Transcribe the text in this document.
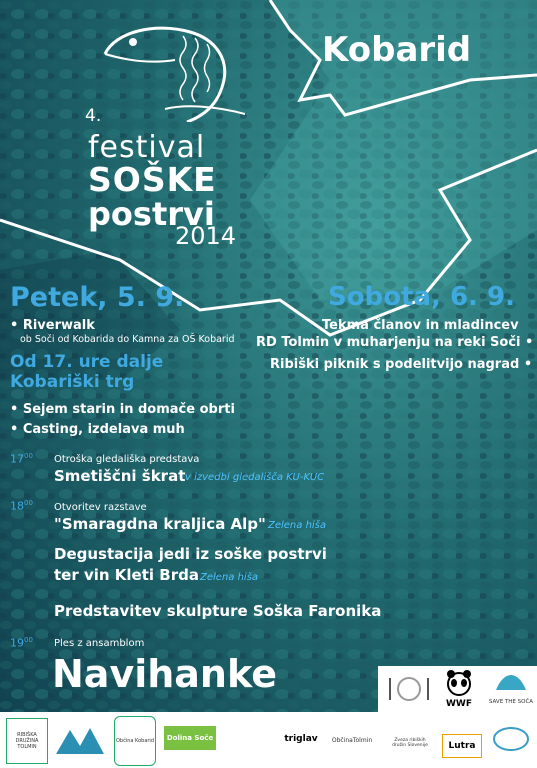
4.
festival
SOŠKE
postrvi
2014
Kobarid
Petek, 5. 9.
• Riverwalk
ob Soči od Kobarida do Kamna za OŠ Kobarid
Od 17. ure dalje
Kobariški trg
• Sejem starin in domače obrti
• Casting, izdelava muh
Sobota, 6. 9.
Tekma članov in mladincev
RD Tolmin v muharjenju na reki Soči •
Ribiški piknik s podelitvijo nagrad •
$17^{00}$ Otroška gledališka predstava
Smetiščni škrat v izvedbi gledališča KU-KUC
$18^{00}$ Otvoritev razstave
"Smaragdna kraljica Alp" Zelena hiša
Degustacija jedi iz soške postrvi
ter vin Kleti Brda Zelena hiša
Predstavitev skulpture Soška Faronika
$19^{00}$ Ples z ansamblom
Navihanke
WWF	SAVE THE SOČA
RIBIŠKA DRUŽINA TOLMIN
Občina Kobarid	Dolina Soče	triglav	ObčinaTolmin	Zveza ribiških družin Slovenije	Lutra
